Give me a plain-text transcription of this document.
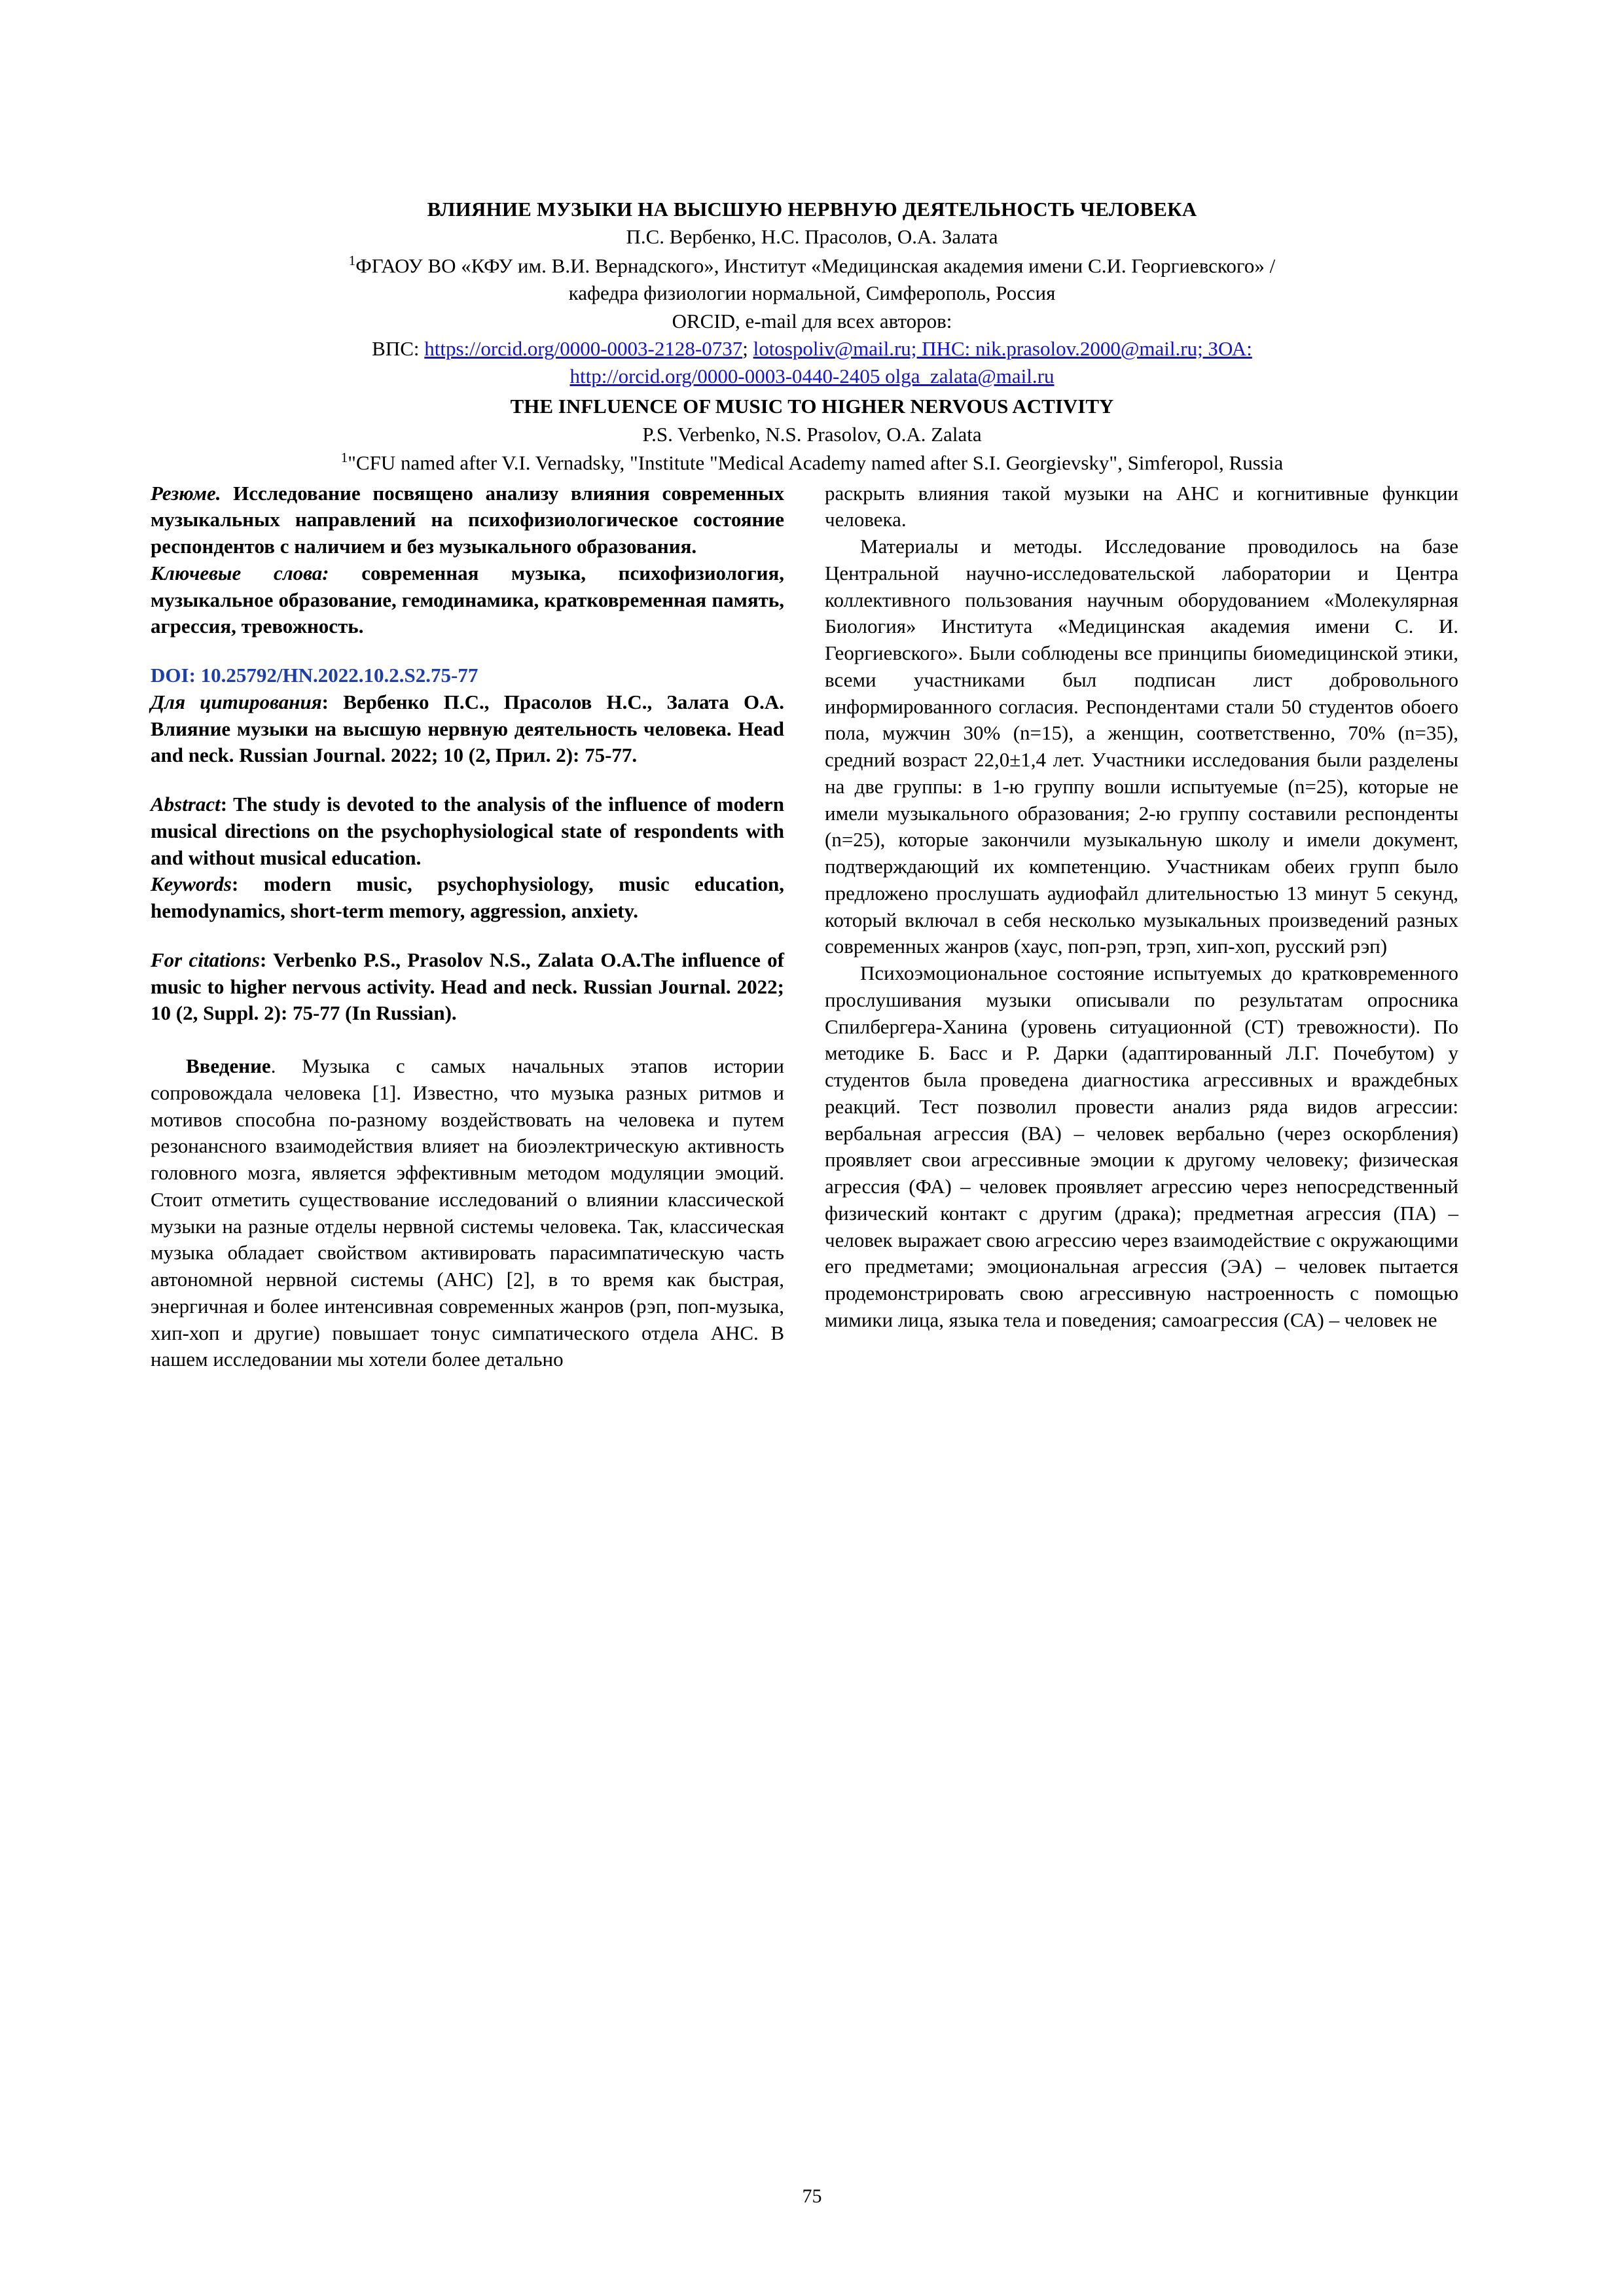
ВЛИЯНИЕ МУЗЫКИ НА ВЫСШУЮ НЕРВНУЮ ДЕЯТЕЛЬНОСТЬ ЧЕЛОВЕКА
П.С. Вербенко, Н.С. Прасолов, О.А. Залата
$^1$ФГАОУ ВО «КФУ им. В.И. Вернадского», Институт «Медицинская академия имени С.И. Георгиевского» /
кафедра физиологии нормальной, Симферополь, Россия
ORCID, e-mail для всех авторов:
ВПС: https://orcid.org/0000-0003-2128-0737; lotospoliv@mail.ru; ПНС: nik.prasolov.2000@mail.ru; ЗОА:
http://orcid.org/0000-0003-0440-2405 olga_zalata@mail.ru
THE INFLUENCE OF MUSIC TO HIGHER NERVOUS ACTIVITY
P.S. Verbenko, N.S. Prasolov, O.A. Zalata
$^1$"CFU named after V.I. Vernadsky, "Institute "Medical Academy named after S.I. Georgievsky", Simferopol, Russia

Резюме. Исследование посвящено анализу влияния современных музыкальных направлений на психофизиологическое состояние респондентов с наличием и без музыкального образования.

Ключевые слова: современная музыка, психофизиология, музыкальное образование, гемодинамика, кратковременная память, агрессия, тревожность.

DOI: 10.25792/HN.2022.10.2.S2.75-77

Для цитирования: Вербенко П.С., Прасолов Н.С., Залата О.А. Влияние музыки на высшую нервную деятельность человека. Head and neck. Russian Journal. 2022; 10 (2, Прил. 2): 75-77.

Abstract: The study is devoted to the analysis of the influence of modern musical directions on the psychophysiological state of respondents with and without musical education.

Keywords: modern music, psychophysiology, music education, hemodynamics, short-term memory, aggression, anxiety.

For citations: Verbenko P.S., Prasolov N.S., Zalata O.A.The influence of music to higher nervous activity. Head and neck. Russian Journal. 2022; 10 (2, Suppl. 2): 75-77 (In Russian).

Введение. Музыка с самых начальных этапов истории сопровождала человека [1]. Известно, что музыка разных ритмов и мотивов способна по-разному воздействовать на человека и путем резонансного взаимодействия влияет на биоэлектрическую активность головного мозга, является эффективным методом модуляции эмоций. Стоит отметить существование исследований о влиянии классической музыки на разные отделы нервной системы человека. Так, классическая музыка обладает свойством активировать парасимпатическую часть автономной нервной системы (АНС) [2], в то время как быстрая, энергичная и более интенсивная современных жанров (рэп, поп-музыка, хип-хоп и другие) повышает тонус симпатического отдела АНС. В нашем исследовании мы хотели более детально

раскрыть влияния такой музыки на АНС и когнитивные функции человека.

Материалы и методы. Исследование проводилось на базе Центральной научно-исследовательской лаборатории и Центра коллективного пользования научным оборудованием «Молекулярная Биология» Института «Медицинская академия имени С. И. Георгиевского». Были соблюдены все принципы биомедицинской этики, всеми участниками был подписан лист добровольного информированного согласия. Респондентами стали 50 студентов обоего пола, мужчин 30% (n=15), а женщин, соответственно, 70% (n=35), средний возраст 22,0±1,4 лет. Участники исследования были разделены на две группы: в 1-ю группу вошли испытуемые (n=25), которые не имели музыкального образования; 2-ю группу составили респонденты (n=25), которые закончили музыкальную школу и имели документ, подтверждающий их компетенцию. Участникам обеих групп было предложено прослушать аудиофайл длительностью 13 минут 5 секунд, который включал в себя несколько музыкальных произведений разных современных жанров (хаус, поп-рэп, трэп, хип-хоп, русский рэп)

Психоэмоциональное состояние испытуемых до кратковременного прослушивания музыки описывали по результатам опросника Спилбергера-Ханина (уровень ситуационной (СТ) тревожности). По методике Б. Басс и Р. Дарки (адаптированный Л.Г. Почебутом) у студентов была проведена диагностика агрессивных и враждебных реакций. Тест позволил провести анализ ряда видов агрессии: вербальная агрессия (ВА) – человек вербально (через оскорбления) проявляет свои агрессивные эмоции к другому человеку; физическая агрессия (ФА) – человек проявляет агрессию через непосредственный физический контакт с другим (драка); предметная агрессия (ПА) – человек выражает свою агрессию через взаимодействие с окружающими его предметами; эмоциональная агрессия (ЭА) – человек пытается продемонстрировать свою агрессивную настроенность с помощью мимики лица, языка тела и поведения; самоагрессия (СА) – человек не

75
